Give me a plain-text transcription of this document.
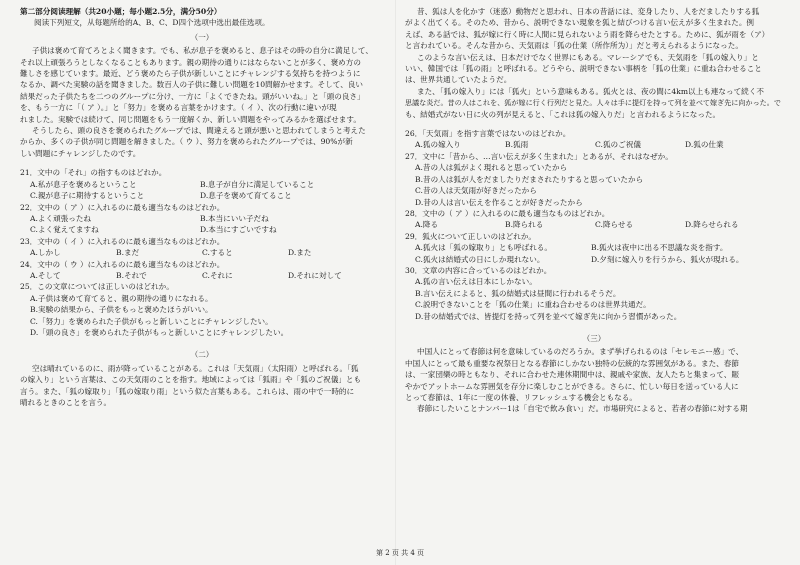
第二部分阅读理解（共20小题；每小题2.5分，满分50分）

阅读下列短文，从每题所给的A、B、C、D四个选项中选出最佳选项。

（一）

子供は褒めて育てろとよく聞きます。でも、私が息子を褒めると、息子はその時の自分に満足して、

それ以上頑張ろうとしなくなることもあります。親の期待の通りにはならないことが多く、褒め方の

難しさを感じています。最近、どう褒めたら子供が新しいことにチャレンジする気持ちを持つように

なるか、調べた実験の話を聞きました。数百人の子供に難しい問題を10問解かせます。そして、良い

結果だった子供たちを二つのグループに分け、一方に「よくできたね。頭がいいね。」と「頭の良さ」

を、もう一方に「（ ア ）。」と「努力」を褒める言葉をかけます。（ イ ）、次の行動に違いが現

れました。実験では続けて、同じ問題をもう一度解くか、新しい問題をやってみるかを選ばせます。

そうしたら、頭の良さを褒められたグループでは、間違えると頭が悪いと思われてしまうと考えた

からか、多くの子供が同じ問題を解きました。（ ウ ）、努力を褒められたグループでは、90%が新

しい問題にチャレンジしたのです。

21．文中の「それ」の指すものはどれか。

A.私が息子を褒めるということ	B.息子が自分に満足していること
C.親が息子に期待するということ	D.息子を褒めて育てること

22．文中の（ ア ）に入れるのに最も適当なものはどれか。

A.よく頑張ったね	B.本当にいい子だね
C.よく覚えてますね	D.本当にすごいですね

23．文中の（ イ ）に入れるのに最も適当なものはどれか。

A.しかし	B.まだ	C.すると	D.また

24．文中の（ ウ ）に入れるのに最も適当なものはどれか。

A.そして	B.それで	C.それに	D.それに対して

25．この文章については正しいのはどれか。

A.子供は褒めて育てると、親の期待の通りになれる。

B.実験の結果から、子供をもっと褒めたほうがいい。

C.「努力」を褒められた子供がもっと新しいことにチャレンジしたい。

D.「頭の良さ」を褒められた子供がもっと新しいことにチャレンジしたい。

（二）

空は晴れているのに、雨が降っていることがある。これは「天気雨」（太阳雨）と呼ばれる。「狐

の嫁入り」という言葉は、この天気雨のことを指す。地域によっては「狐雨」や「狐のご祝儀」とも

言う。また、「狐の嫁取り」「狐の嫁取り雨」という似た言葉もある。これらは、雨の中で一時的に

晴れるときのことを言う。

昔、狐は人を化かす（迷惑）動物だと思われ、日本の昔話には、変身したり、人をだましたりする狐

がよく出てくる。そのため、昔から、説明できない現象を狐と結びつける言い伝えが多く生まれた。例

えば、ある話では、狐が嫁に行く時に人間に見られないよう雨を降らせたとする。ために、狐が雨を（ア）

と言われている。そんな昔から、天気雨は「狐の仕業（所作所为）」だと考えられるようになった。

このような言い伝えは、日本だけでなく世界にもある。マレーシアでも、天気雨を「狐の嫁入り」と

いい、韓国では「狐の雨」と呼ばれる。どうやら、説明できない事柄を「狐の仕業」に重ね合わせること

は、世界共通していたようだ。

また、「狐の嫁入り」には「狐火」という意味もある。狐火とは、夜の間に4km以上も連なって続く不

思議な炎だ。昔の人はこれを、狐が嫁に行く行列だと見た。人々は手に提灯を持って列を並べて嫁ぎ先に向かった。で

も、結婚式がない日に火の列が見えると、「これは狐の嫁入りだ」と言われるようになった。

26．「天気雨」を指す言葉ではないのはどれか。

A.狐の嫁入り	B.狐雨	C.狐のご祝儀	D.狐の仕業

27．文中に「昔から、…言い伝えが多く生まれた」とあるが、それはなぜか。

A.昔の人は狐がよく現れると思っていたから

B.昔の人は狐が人をだましたりだまされたりすると思っていたから

C.昔の人は天気雨が好きだったから

D.昔の人は言い伝えを作ることが好きだったから

28．文中の（ ア ）に入れるのに最も適当なものはどれか。

A.降る	B.降られる	C.降らせる	D.降らせられる

29．狐火について正しいのはどれか。

A.狐火は「狐の嫁取り」とも呼ばれる。	B.狐火は夜中に出る不思議な炎を指す。
C.狐火は結婚式の日にしか現れない。	D.夕刻に嫁入りを行うから、狐火が現れる。

30．文章の内容に合っているのはどれか。

A.狐の言い伝えは日本にしかない。

B.言い伝えによると、狐の結婚式は昼間に行われるそうだ。

C.説明できないことを「狐の仕業」に重ね合わせるのは世界共通だ。

D.昔の結婚式では、皆提灯を持って列を並べて嫁ぎ先に向かう習慣があった。

（三）

中国人にとって春節は何を意味しているのだろうか。まず挙げられるのは「セレモニー感」で、

中国人にとって最も重要な祝祭日となる春節にしかない独特の伝統的な雰囲気がある。また、春節

は、一家団欒の時ともなり、それに合わせた連休期間中は、親戚や家族、友人たちと集まって、賑

やかでアットホームな雰囲気を存分に楽しむことができる。さらに、忙しい毎日を送っている人に

とって春節は、1年に一度の休養、リフレッシュする機会ともなる。

春節にしたいことナンバー1は「自宅で飲み食い」だ。市場研究によると、若者の春節に対する期

第 2 页 共 4 页
